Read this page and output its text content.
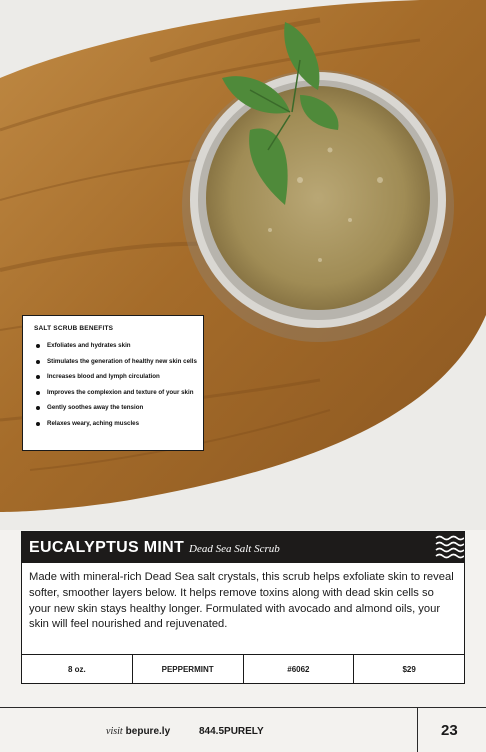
SALT SCRUB BENEFITS
Exfoliates and hydrates skin
Stimulates the generation of healthy new skin cells
Increases blood and lymph circulation
Improves the complexion and texture of your skin
Gently soothes away the tension
Relaxes weary, aching muscles
EUCALYPTUS MINT Dead Sea Salt Scrub
Made with mineral-rich Dead Sea salt crystals, this scrub helps exfoliate skin to reveal softer, smoother layers below. It helps remove toxins along with dead skin cells so your new skin stays healthy longer. Formulated with avocado and almond oils, your skin will feel nourished and rejuvenated.
8 oz.	PEPPERMINT	#6062	$29
visit bepure.ly	844.5PURELY	23
